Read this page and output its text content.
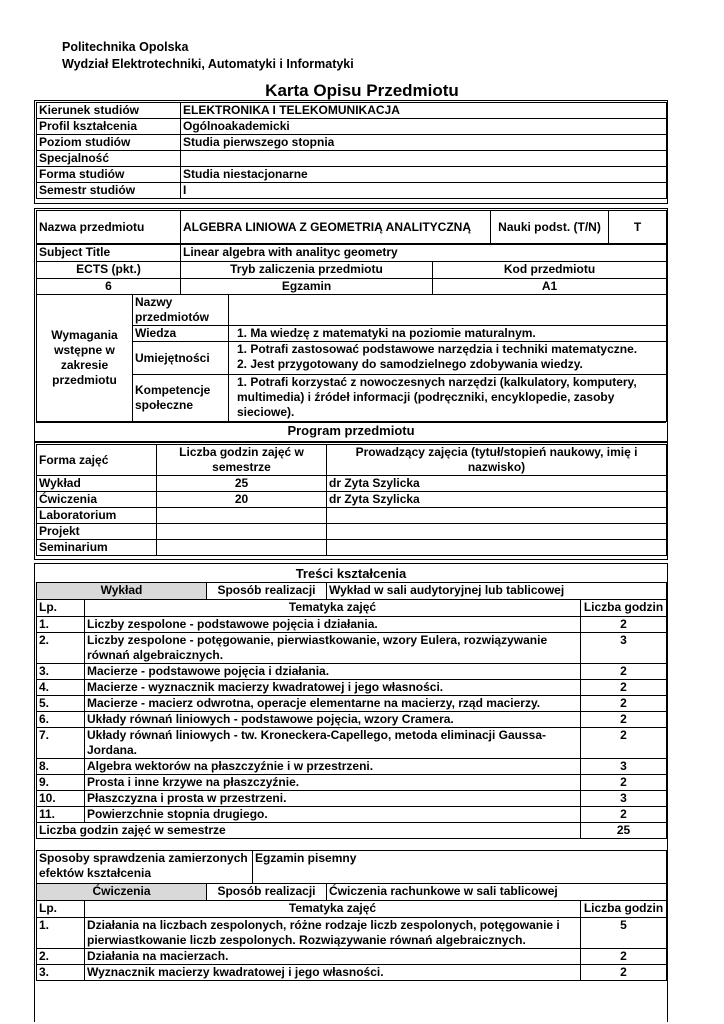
Politechnika Opolska
Wydział Elektrotechniki, Automatyki i Informatyki
Karta Opisu Przedmiotu
Kierunek studiów	ELEKTRONIKA I TELEKOMUNIKACJA
Profil kształcenia	Ogólnoakademicki
Poziom studiów	Studia pierwszego stopnia
Specjalność	
Forma studiów	Studia niestacjonarne
Semestr studiów	I
Nazwa przedmiotu	ALGEBRA LINIOWA Z GEOMETRIĄ ANALITYCZNĄ	Nauki podst. (T/N)	T
Subject Title	Linear algebra with analityc geometry
ECTS (pkt.)	Tryb zaliczenia przedmiotu	Kod przedmiotu
6	Egzamin	A1
Wymagania wstępne w zakresie przedmiotu	Nazwy przedmiotów	
	Wiedza	1. Ma wiedzę z matematyki na poziomie maturalnym.
	Umiejętności	1. Potrafi zastosować podstawowe narzędzia i techniki matematyczne.
2. Jest przygotowany do samodzielnego zdobywania wiedzy.

	Kompetencje społeczne	1. Potrafi korzystać z nowoczesnych narzędzi (kalkulatory, komputery, multimedia) i źródeł informacji (podręczniki, encyklopedie, zasoby sieciowe).
Program przedmiotu
Forma zajęć	Liczba godzin zajęć w semestrze	Prowadzący zajęcia (tytuł/stopień naukowy, imię i nazwisko)
Wykład	25	dr Zyta Szylicka
Ćwiczenia	20	dr Zyta Szylicka
Laboratorium		
Projekt		
Seminarium		
Treści kształcenia
Wykład	Sposób realizacji	Wykład w sali audytoryjnej lub tablicowej
Lp.	Tematyka zajęć	Liczba godzin
1.	Liczby zespolone - podstawowe pojęcia i działania.	2
2.	Liczby zespolone - potęgowanie, pierwiastkowanie, wzory Eulera, rozwiązywanie równań algebraicznych.	3
3.	Macierze - podstawowe pojęcia i działania.	2
4.	Macierze - wyznacznik macierzy kwadratowej i jego własności.	2
5.	Macierze - macierz odwrotna, operacje elementarne na macierzy, rząd macierzy.	2
6.	Układy równań liniowych - podstawowe pojęcia, wzory Cramera.	2
7.	Układy równań liniowych - tw. Kroneckera-Capellego, metoda eliminacji Gaussa-Jordana.	2
8.	Algebra wektorów na płaszczyźnie i w przestrzeni.	3
9.	Prosta i inne krzywe na płaszczyźnie.	2
10.	Płaszczyzna i prosta w przestrzeni.	3
11.	Powierzchnie stopnia drugiego.	2
Liczba godzin zajęć w semestrze		25
Sposoby sprawdzenia zamierzonych efektów kształcenia	Egzamin pisemny
Ćwiczenia	Sposób realizacji	Ćwiczenia rachunkowe w sali tablicowej
Lp.	Tematyka zajęć	Liczba godzin
1.	Działania na liczbach zespolonych, różne rodzaje liczb zespolonych, potęgowanie i pierwiastkowanie liczb zespolonych. Rozwiązywanie równań algebraicznych.	5
2.	Działania na macierzach.	2
3.	Wyznacznik macierzy kwadratowej i jego własności.	2
